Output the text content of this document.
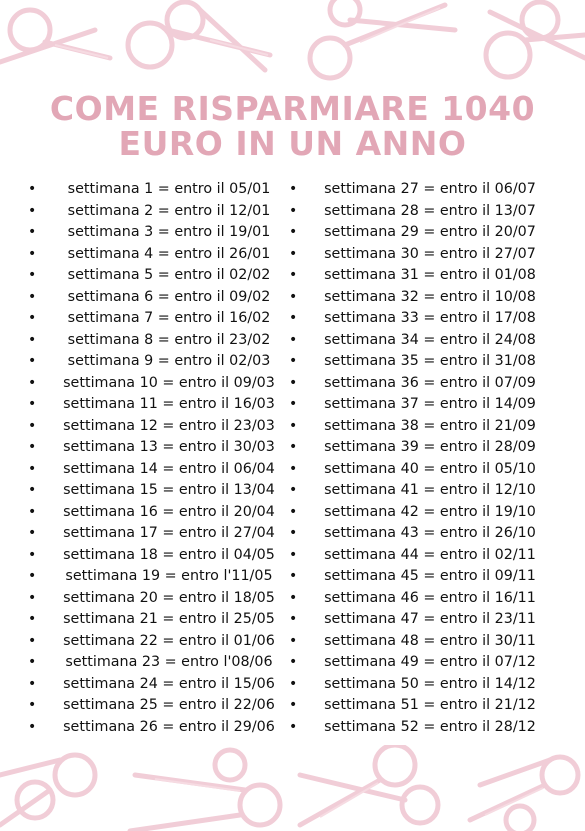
COME RISPARMIARE 1040
EURO IN UN ANNO
•	settimana 1 = entro il 05/01
•	settimana 2 = entro il 12/01
•	settimana 3 = entro il 19/01
•	settimana 4 = entro il 26/01
•	settimana 5 = entro il 02/02
•	settimana 6 = entro il 09/02
•	settimana 7 = entro il 16/02
•	settimana 8 = entro il 23/02
•	settimana 9 = entro il 02/03
•	settimana 10 = entro il 09/03
•	settimana 11 = entro il 16/03
•	settimana 12 = entro il 23/03
•	settimana 13 = entro il 30/03
•	settimana 14 = entro il 06/04
•	settimana 15 = entro il 13/04
•	settimana 16 = entro il 20/04
•	settimana 17 = entro il 27/04
•	settimana 18 = entro il 04/05
•	settimana 19 = entro l'11/05
•	settimana 20 = entro il 18/05
•	settimana 21 = entro il 25/05
•	settimana 22 = entro il 01/06
•	settimana 23 = entro l'08/06
•	settimana 24 = entro il 15/06
•	settimana 25 = entro il 22/06
•	settimana 26 = entro il 29/06
•	settimana 27 = entro il 06/07
•	settimana 28 = entro il 13/07
•	settimana 29 = entro il 20/07
•	settimana 30 = entro il 27/07
•	settimana 31 = entro il 01/08
•	settimana 32 = entro il 10/08
•	settimana 33 = entro il 17/08
•	settimana 34 = entro il 24/08
•	settimana 35 = entro il 31/08
•	settimana 36 = entro il 07/09
•	settimana 37 = entro il 14/09
•	settimana 38 = entro il 21/09
•	settimana 39 = entro il 28/09
•	settimana 40 = entro il 05/10
•	settimana 41 = entro il 12/10
•	settimana 42 = entro il 19/10
•	settimana 43 = entro il 26/10
•	settimana 44 = entro il 02/11
•	settimana 45 = entro il 09/11
•	settimana 46 = entro il 16/11
•	settimana 47 = entro il 23/11
•	settimana 48 = entro il 30/11
•	settimana 49 = entro il 07/12
•	settimana 50 = entro il 14/12
•	settimana 51 = entro il 21/12
•	settimana 52 = entro il 28/12
